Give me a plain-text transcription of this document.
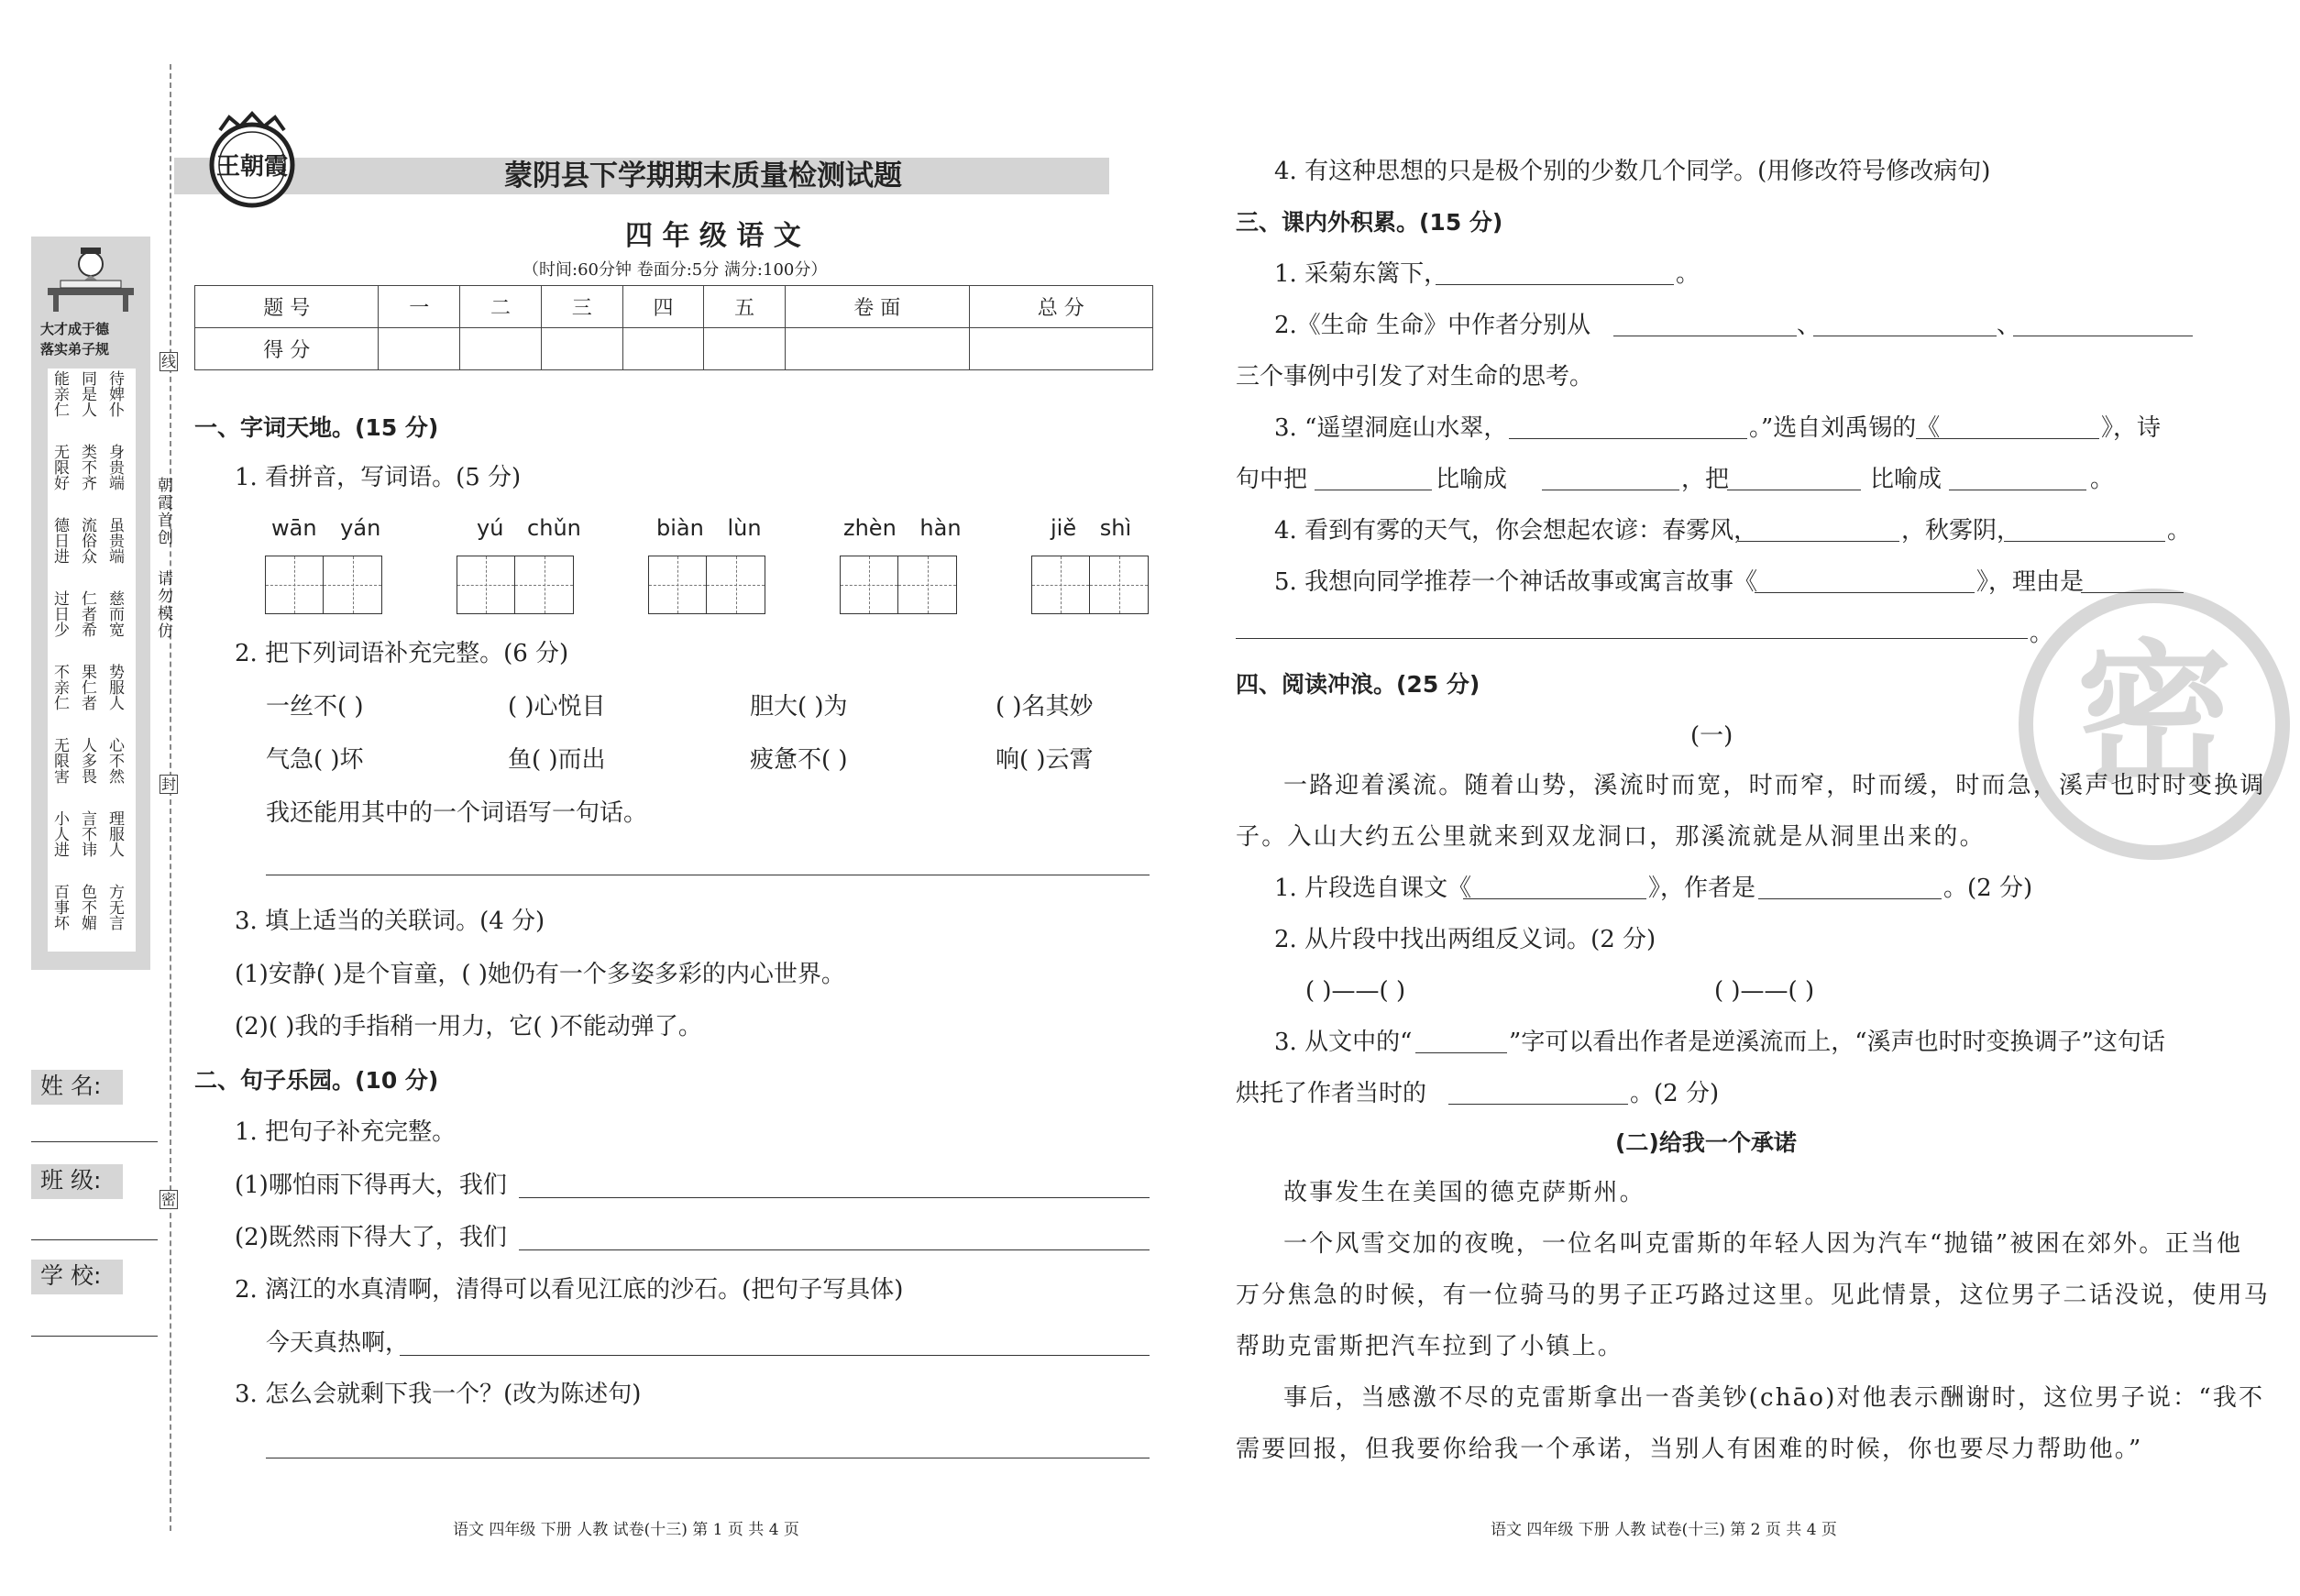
大才成于德
落实弟子规
能亲仁 同是人 待婢仆
无限好 类不齐 身贵端
德日进 流俗众 虽贵端
过日少 仁者希 慈而宽
不亲仁 果仁者 势服人
无限害 人多畏 心不然
小人进 言不讳 理服人
百事坏 色不媚 方无言
朝霞首创
请勿模仿
线
封
密
姓 名:
班 级:
学 校:
王朝霞	蒙阴县下学期期末质量检测试题
四 年 级 语 文
（时间:60分钟 卷面分:5分 满分:100分）
题 号	一	二	三	四	五	卷 面	总 分
得 分							
一、字词天地。(15 分)
1. 看拼音，写词语。(5 分)
wān yán	yú chǔn	biàn lùn	zhèn hàn	jiě shì
2. 把下列词语补充完整。(6 分)
一丝不( )	( )心悦目	胆大( )为	( )名其妙
气急( )坏	鱼( )而出	疲惫不( )	响( )云霄
我还能用其中的一个词语写一句话。
3. 填上适当的关联词。(4 分)
(1)安静( )是个盲童，( )她仍有一个多姿多彩的内心世界。
(2)( )我的手指稍一用力，它( )不能动弹了。
二、句子乐园。(10 分)
1. 把句子补充完整。
(1)哪怕雨下得再大，我们
(2)既然雨下得大了，我们
2. 漓江的水真清啊，清得可以看见江底的沙石。(把句子写具体)
今天真热啊，
3. 怎么会就剩下我一个？(改为陈述句)
语文 四年级 下册 人教 试卷(十三) 第 1 页 共 4 页
密
4. 有这种思想的只是极个别的少数几个同学。(用修改符号修改病句)
三、课内外积累。(15 分)
1. 采菊东篱下，	。
2.《生命 生命》中作者分别从	、	、
三个事例中引发了对生命的思考。
3. “遥望洞庭山水翠，	。”选自刘禹锡的《	》，诗
句中把	比喻成	，把	比喻成	。
4. 看到有雾的天气，你会想起农谚：春雾风，	，秋雾阴，	。
5. 我想向同学推荐一个神话故事或寓言故事《	》，理由是
。
四、阅读冲浪。(25 分)
(一)
一路迎着溪流。随着山势，溪流时而宽，时而窄，时而缓，时而急，溪声也时时变换调
子。入山大约五公里就来到双龙洞口，那溪流就是从洞里出来的。
1. 片段选自课文《	》，作者是	。(2 分)
2. 从片段中找出两组反义词。(2 分)
( )——( )	( )——( )
3. 从文中的“	”字可以看出作者是逆溪流而上，“溪声也时时变换调子”这句话
烘托了作者当时的	。(2 分)
(二)给我一个承诺
故事发生在美国的德克萨斯州。
一个风雪交加的夜晚，一位名叫克雷斯的年轻人因为汽车“抛锚”被困在郊外。正当他
万分焦急的时候，有一位骑马的男子正巧路过这里。见此情景，这位男子二话没说，使用马
帮助克雷斯把汽车拉到了小镇上。
事后，当感激不尽的克雷斯拿出一沓美钞(chāo)对他表示酬谢时，这位男子说：“我不
需要回报，但我要你给我一个承诺，当别人有困难的时候，你也要尽力帮助他。”
语文 四年级 下册 人教 试卷(十三) 第 2 页 共 4 页
